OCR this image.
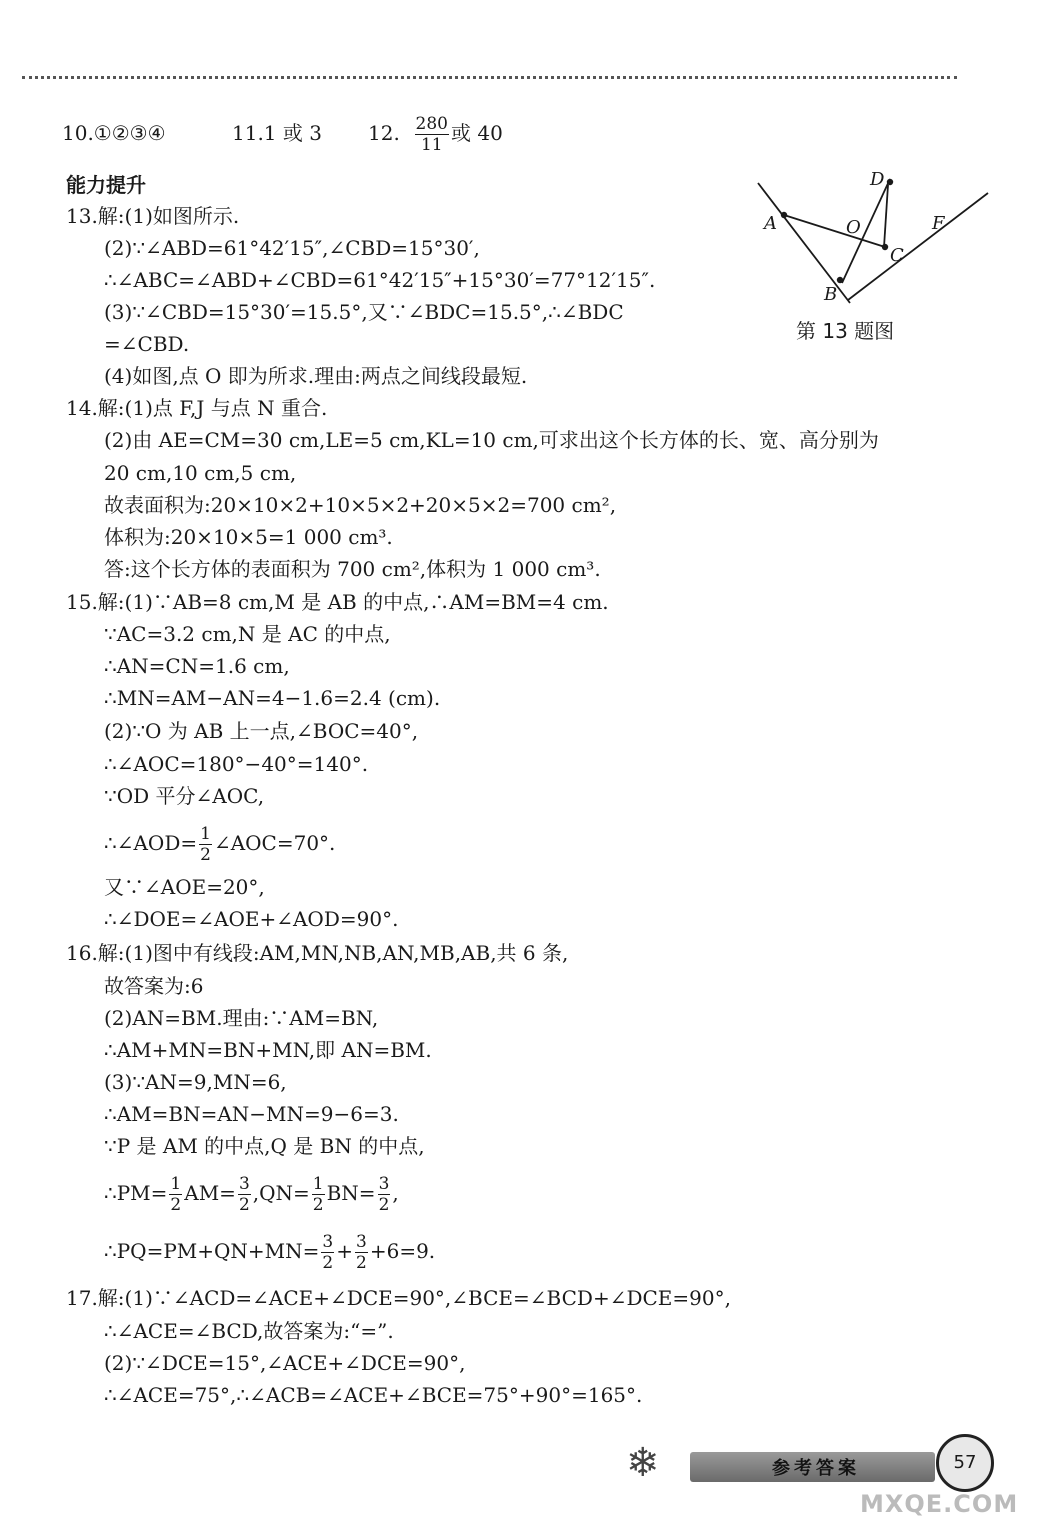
10.①②③④	11.1 或 3 12. $\frac{280}{11}$ 或 40
能力提升
13.解:(1)如图所示.
(2)∵∠ABD=61°42′15″,∠CBD=15°30′,
∴∠ABC=∠ABD+∠CBD=61°42′15″+15°30′=77°12′15″.
(3)∵∠CBD=15°30′=15.5°,又∵∠BDC=15.5°,∴∠BDC
=∠CBD.
(4)如图,点 O 即为所求.理由:两点之间线段最短.
A
B
C
D
O	F
第 13 题图
14.解:(1)点 F,J 与点 N 重合.
(2)由 AE=CM=30 cm,LE=5 cm,KL=10 cm,可求出这个长方体的长、宽、高分别为
20 cm,10 cm,5 cm,
故表面积为:20×10×2+10×5×2+20×5×2=700 cm²,
体积为:20×10×5=1 000 cm³.
答:这个长方体的表面积为 700 cm²,体积为 1 000 cm³.
15.解:(1)∵AB=8 cm,M 是 AB 的中点,∴AM=BM=4 cm.
∵AC=3.2 cm,N 是 AC 的中点,
∴AN=CN=1.6 cm,
∴MN=AM−AN=4−1.6=2.4 (cm).
(2)∵O 为 AB 上一点,∠BOC=40°,
∴∠AOC=180°−40°=140°.
∵OD 平分∠AOC,
∴∠AOD= $\frac{1}{2}$ ∠AOC=70°.
又∵∠AOE=20°,
∴∠DOE=∠AOE+∠AOD=90°.
16.解:(1)图中有线段:AM,MN,NB,AN,MB,AB,共 6 条,
故答案为:6
(2)AN=BM.理由:∵AM=BN,
∴AM+MN=BN+MN,即 AN=BM.
(3)∵AN=9,MN=6,
∴AM=BN=AN−MN=9−6=3.
∵P 是 AM 的中点,Q 是 BN 的中点,
∴PM= $\frac{1}{2} AM= \frac{3}{2} ,QN= \frac{1}{2} BN= \frac{3}{2}$ ,
∴PQ=PM+QN+MN= $\frac{3}{2} + \frac{3}{2} +6=9$.
17.解:(1)∵∠ACD=∠ACE+∠DCE=90°,∠BCE=∠BCD+∠DCE=90°,
∴∠ACE=∠BCD,故答案为:“=”.
(2)∵∠DCE=15°,∠ACE+∠DCE=90°,
∴∠ACE=75°,∴∠ACB=∠ACE+∠BCE=75°+90°=165°.
❄	参考答案	57
MXQE.COM
